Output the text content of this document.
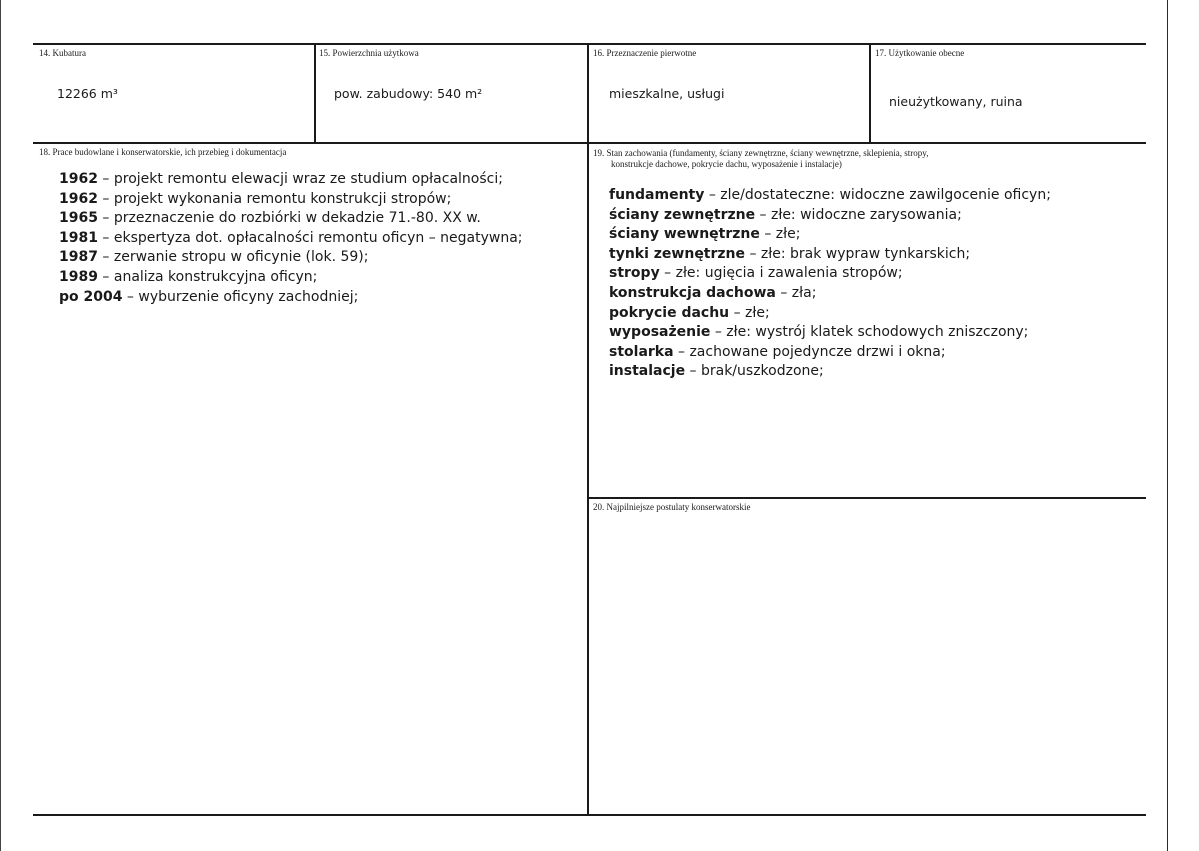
14. Kubatura
12266 m³
15. Powierzchnia użytkowa
pow. zabudowy: 540 m²
16. Przeznaczenie pierwotne
mieszkalne, usługi
17. Użytkowanie obecne
nieużytkowany, ruina
18. Prace budowlane i konserwatorskie, ich przebieg i dokumentacja
1962 – projekt remontu elewacji wraz ze studium opłacalności;
1962 – projekt wykonania remontu konstrukcji stropów;
1965 – przeznaczenie do rozbiórki w dekadzie 71.-80. XX w.
1981 – ekspertyza dot. opłacalności remontu oficyn – negatywna;
1987 – zerwanie stropu w oficynie (lok. 59);
1989 – analiza konstrukcyjna oficyn;
po 2004 – wyburzenie oficyny zachodniej;
19. Stan zachowania (fundamenty, ściany zewnętrzne, ściany wewnętrzne, sklepienia, stropy,
konstrukcje dachowe, pokrycie dachu, wyposażenie i instalacje)
fundamenty – zle/dostateczne: widoczne zawilgocenie oficyn;
ściany zewnętrzne – złe: widoczne zarysowania;
ściany wewnętrzne – złe;
tynki zewnętrzne – złe: brak wypraw tynkarskich;
stropy – złe: ugięcia i zawalenia stropów;
konstrukcja dachowa – zła;
pokrycie dachu – złe;
wyposażenie – złe: wystrój klatek schodowych zniszczony;
stolarka – zachowane pojedyncze drzwi i okna;
instalacje – brak/uszkodzone;
20. Najpilniejsze postulaty konserwatorskie
